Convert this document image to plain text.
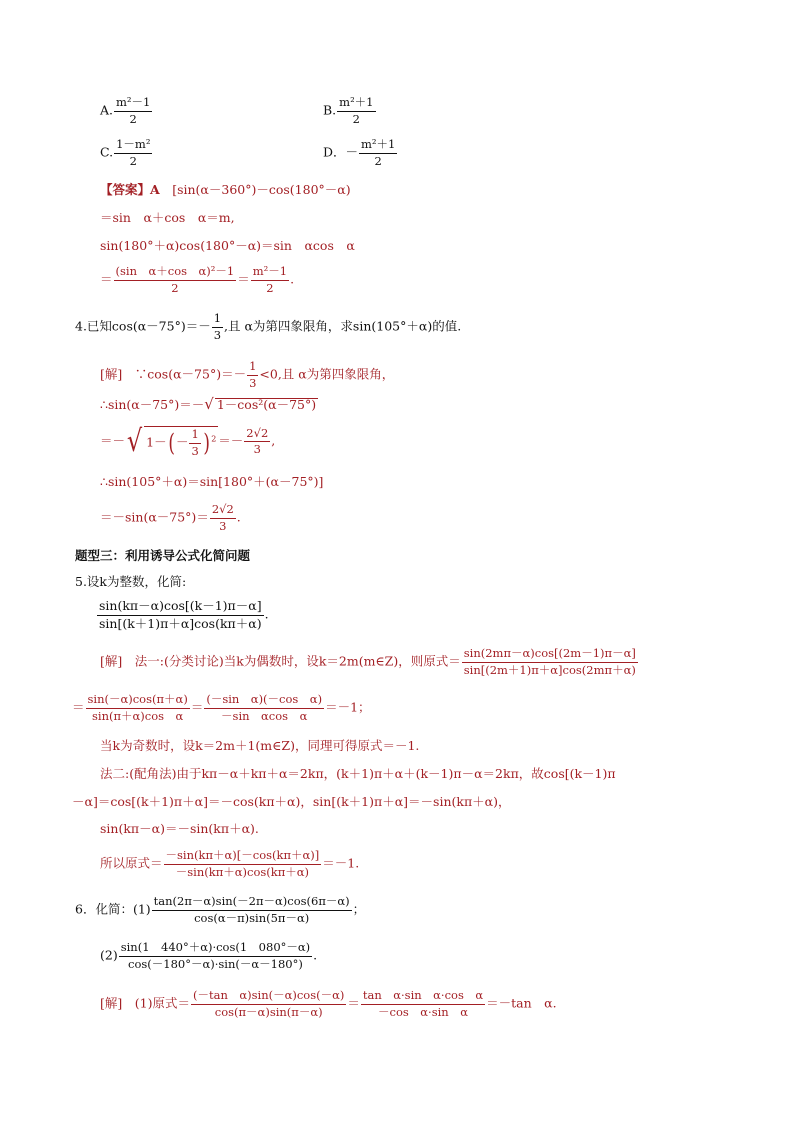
A. $\frac{\text{m²－1}}{2}$	B. $\frac{\text{m²＋1}}{2}$
C. $\frac{\text{1－m²}}{2}$	D．－ $\frac{\text{m²＋1}}{2}$
【答案】A　 [sin(α－360°)－cos(180°－α)
＝sin　α＋cos　α＝m,
sin(180°＋α)cos(180°－α)＝sin　αcos　α
＝ $\frac{\text{(sin　α＋cos　α)²－1}}{2} = \frac{\text{m²－1}}{2}$ .
4.已知$\cos(\alpha-75^\circ)=- \frac{1}{3}$ ,且 α为第四象限角，求sin(105°＋α)的值.
[解]　 ∵cos(α－75°)＝－ $\frac{1}{3} <0$,且 α为第四象限角，
∴sin(α－75°)＝－√ 1－cos²(α－75°)
＝－√ $1-(- \frac{1}{3} )^2 =- \frac{2√2}{3}$ ,
∴sin(105°＋α)＝sin[180°＋(α－75°)]
$=-\sin(\alpha-75^\circ)= \frac{2√2}{3}$ .
题型三：利用诱导公式化简问题
5.设k为整数，化简:
$\frac{\sin(k\pi-\alpha)\cos[(k-1)\pi-\alpha]}{\sin[(k+1)\pi+\alpha]\cos(k\pi+\alpha)}$ .
[解]　 法一:(分类讨论)当k为偶数时，设k＝2m(m∈Z)，则原式＝ $\frac{\sin(2m\pi-\alpha)\cos[(2m-1)\pi-\alpha]}{\sin[(2m+1)\pi+\alpha]\cos(2m\pi+\alpha)}$
＝ $\frac{\sin(-\alpha)\cos(\pi+\alpha)}{\text{sin(π＋α)cos　α}} = \frac{\text{(－sin　α)(－cos　α)}}{\text{－sin　αcos　α}} =-1$；
当k为奇数时，设k＝2m＋1(m∈Z)，同理可得原式＝－1.
法二:(配角法)由于kπ－α＋kπ＋α＝2kπ，(k＋1)π＋α＋(k－1)π－α＝2kπ，故cos[(k－1)π
－α]＝cos[(k＋1)π＋α]＝－cos(kπ＋α)，sin[(k＋1)π＋α]＝－sin(kπ＋α)，
sin(kπ－α)＝－sin(kπ＋α).
所以原式＝ $\frac{-\sin(k\pi+\alpha)[-\cos(k\pi+\alpha)]}{-\sin(k\pi+\alpha)\cos(k\pi+\alpha)} =-1$.
6．化简：$(1) \frac{\tan(2\pi-\alpha)\sin(-2\pi-\alpha)\cos(6\pi-\alpha)}{\cos(\alpha-\pi)\sin(5\pi-\alpha)}$ ；
$(2) \frac{\sin(1 440^\circ+\alpha)\cdot\cos(1 080^\circ-\alpha)}{\cos(-180^\circ-\alpha)\cdot\sin(-\alpha-180^\circ)}$ .
[解]　 (1)原式＝ $\frac{\text{(－tan　α)sin(－α)cos(－α)}}{\cos(\pi-\alpha)\sin(\pi-\alpha)} = \frac{\text{tan　α·sin　α·cos　α}}{\text{－cos　α·sin　α}} =-\tan$　α.
